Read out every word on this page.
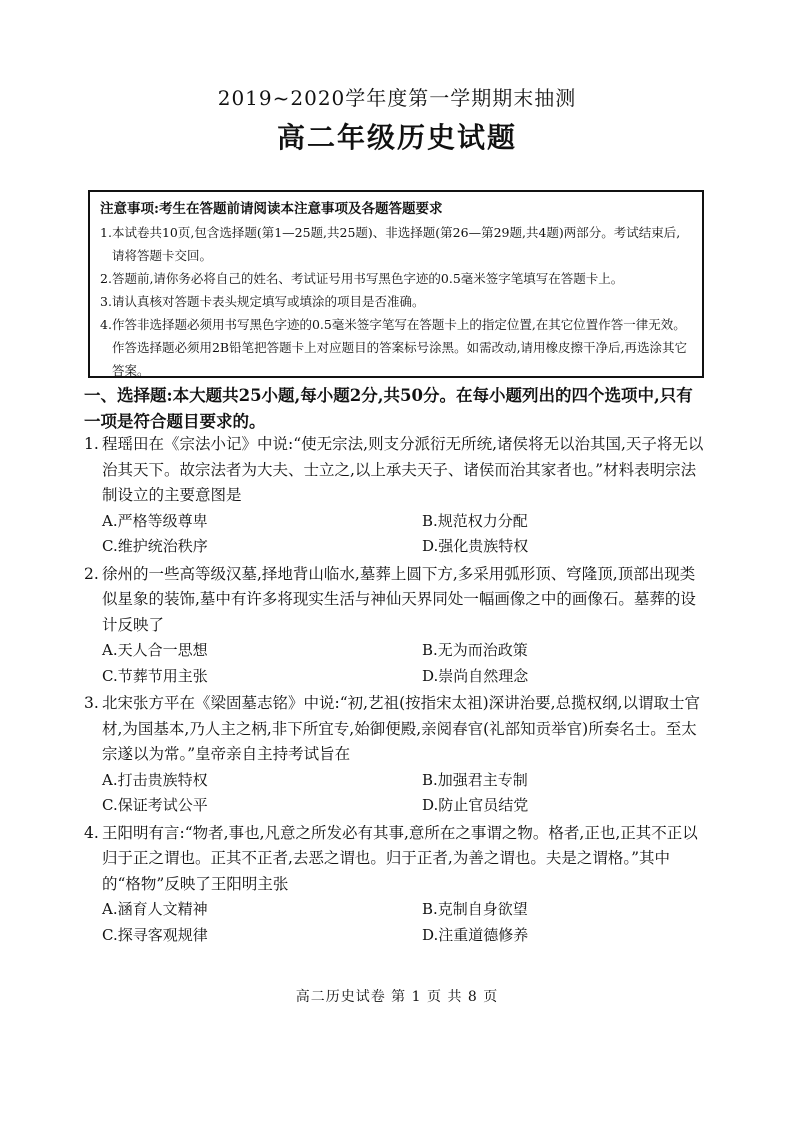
2019~2020学年度第一学期期末抽测
高二年级历史试题
注意事项:考生在答题前请阅读本注意事项及各题答题要求
1. 本试卷共10页,包含选择题(第1—25题,共25题)、非选择题(第26—第29题,共4题)两部分。考试结束后,请将答题卡交回。
2. 答题前,请你务必将自己的姓名、考试证号用书写黑色字迹的0.5毫米签字笔填写在答题卡上。
3. 请认真核对答题卡表头规定填写或填涂的项目是否准确。
4. 作答非选择题必须用书写黑色字迹的0.5毫米签字笔写在答题卡上的指定位置,在其它位置作答一律无效。作答选择题必须用2B铅笔把答题卡上对应题目的答案标号涂黑。如需改动,请用橡皮擦干净后,再选涂其它答案。
一、选择题:本大题共25小题,每小题2分,共50分。在每小题列出的四个选项中,只有一项是符合题目要求的。
1. 程瑶田在《宗法小记》中说:“使无宗法,则支分派衍无所统,诸侯将无以治其国,天子将无以治其天下。故宗法者为大夫、士立之,以上承夫天子、诸侯而治其家者也。”材料表明宗法制设立的主要意图是
A.严格等级尊卑	B.规范权力分配
C.维护统治秩序	D.强化贵族特权
2. 徐州的一些高等级汉墓,择地背山临水,墓葬上圆下方,多采用弧形顶、穹隆顶,顶部出现类似星象的装饰,墓中有许多将现实生活与神仙天界同处一幅画像之中的画像石。墓葬的设计反映了
A.天人合一思想	B.无为而治政策
C.节葬节用主张	D.崇尚自然理念
3. 北宋张方平在《梁固墓志铭》中说:“初,艺祖(按指宋太祖)深讲治要,总揽权纲,以谓取士官材,为国基本,乃人主之柄,非下所宜专,始御便殿,亲阅春官(礼部知贡举官)所奏名士。至太宗遂以为常。”皇帝亲自主持考试旨在
A.打击贵族特权	B.加强君主专制
C.保证考试公平	D.防止官员结党
4. 王阳明有言:“物者,事也,凡意之所发必有其事,意所在之事谓之物。格者,正也,正其不正以归于正之谓也。正其不正者,去恶之谓也。归于正者,为善之谓也。夫是之谓格。”其中的“格物”反映了王阳明主张
A.涵育人文精神	B.克制自身欲望
C.探寻客观规律	D.注重道德修养
高二历史试卷 第 1 页 共 8 页
